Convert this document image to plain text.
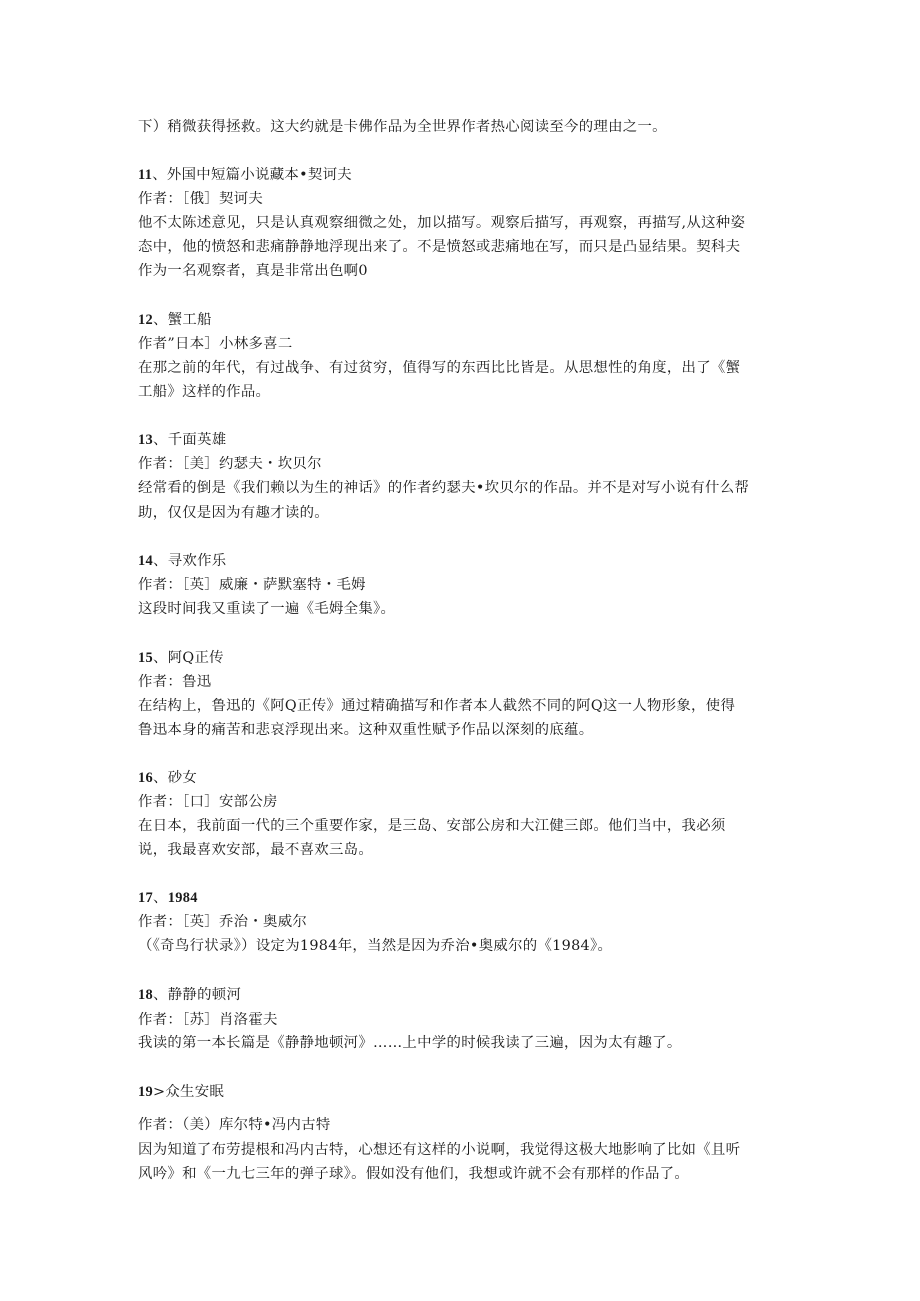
下）稍微获得拯救。这大约就是卡佛作品为全世界作者热心阅读至今的理由之一。
11、外国中短篇小说藏本•契诃夫
作者：［俄］契诃夫
他不太陈述意见，只是认真观察细微之处，加以描写。观察后描写，再观察，再描写,从这种姿
态中，他的愤怒和悲痛静静地浮现出来了。不是愤怒或悲痛地在写，而只是凸显结果。契科夫
作为一名观察者，真是非常出色啊0
12、蟹工船
作者”日本］小林多喜二
在那之前的年代，有过战争、有过贫穷，值得写的东西比比皆是。从思想性的角度，出了《蟹
工船》这样的作品。
13、千面英雄
作者：［美］约瑟夫・坎贝尔
经常看的倒是《我们赖以为生的神话》的作者约瑟夫•坎贝尔的作品。并不是对写小说有什么帮
助，仅仅是因为有趣才读的。
14、寻欢作乐
作者：［英］威廉・萨默塞特・毛姆
这段时间我又重读了一遍《毛姆全集》。
15、阿Q正传
作者：鲁迅
在结构上，鲁迅的《阿Q正传》通过精确描写和作者本人截然不同的阿Q这一人物形象，使得
鲁迅本身的痛苦和悲哀浮现出来。这种双重性赋予作品以深刻的底蕴。
16、砂女
作者：［口］安部公房
在日本，我前面一代的三个重要作家，是三岛、安部公房和大江健三郎。他们当中，我必须
说，我最喜欢安部，最不喜欢三岛。
17、1984
作者：［英］乔治・奥威尔
（《奇鸟行状录》）设定为1984年，当然是因为乔治•奥威尔的《1984》。
18、静静的顿河
作者：［苏］肖洛霍夫
我读的第一本长篇是《静静地顿河》……上中学的时候我读了三遍，因为太有趣了。
19>众生安眠
作者：（美）库尔特•冯内古特
因为知道了布劳提根和冯内古特，心想还有这样的小说啊，我觉得这极大地影响了比如《且听
风吟》和《一九七三年的弹子球》。假如没有他们，我想或许就不会有那样的作品了。
